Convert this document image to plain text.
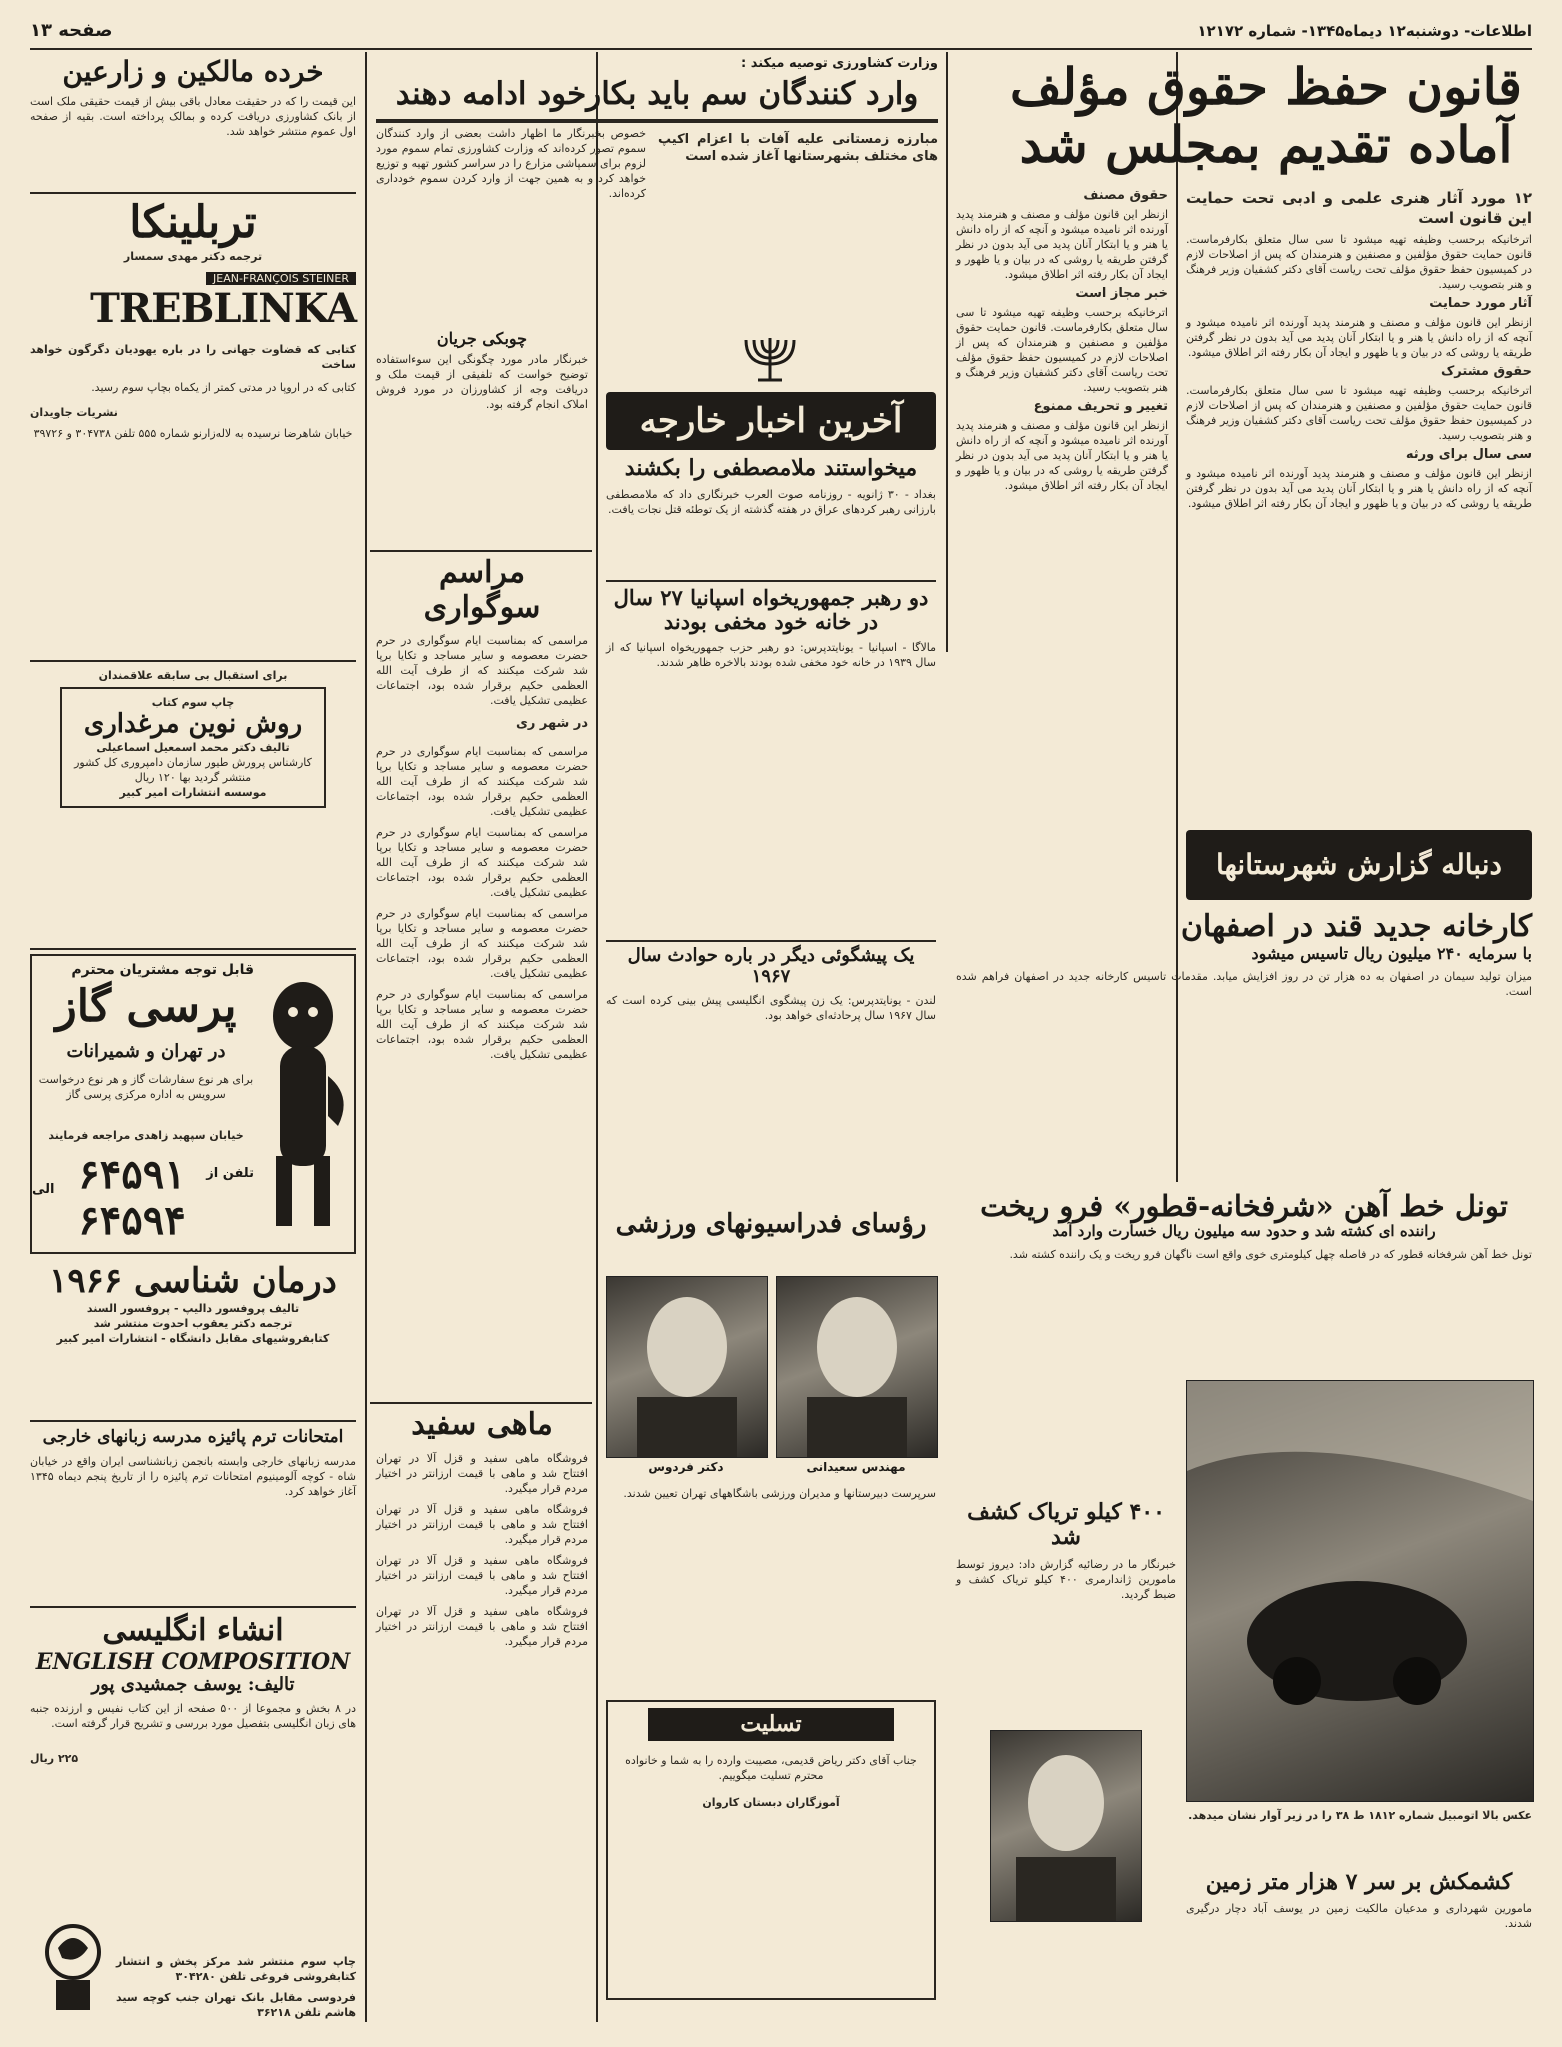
اطلاعات- دوشنبه۱۲ دیماه۱۳۴۵- شماره ۱۲۱۷۲
صفحه ۱۳
قانون حفظ حقوق مؤلف آماده تقدیم بمجلس شد

۱۲ مورد آثار هنری علمی و ادبی تحت حمایت این قانون است

اترخانیکه برحسب وظیفه تهیه میشود تا سی سال متعلق بکارفرماست. قانون حمایت حقوق مؤلفین و مصنفین و هنرمندان که پس از اصلاحات لازم در کمیسیون حفظ حقوق مؤلف تحت ریاست آقای دکتر کشفیان وزیر فرهنگ و هنر بتصویب رسید.

آثار مورد حمایت

ازنظر این قانون مؤلف و مصنف و هنرمند پدید آورنده اثر نامیده میشود و آنچه که از راه دانش یا هنر و یا ابتکار آنان پدید می آید بدون در نظر گرفتن طریقه یا روشی که در بیان و یا ظهور و ایجاد آن بکار رفته اثر اطلاق میشود.

حقوق مشترک

اترخانیکه برحسب وظیفه تهیه میشود تا سی سال متعلق بکارفرماست. قانون حمایت حقوق مؤلفین و مصنفین و هنرمندان که پس از اصلاحات لازم در کمیسیون حفظ حقوق مؤلف تحت ریاست آقای دکتر کشفیان وزیر فرهنگ و هنر بتصویب رسید.

سی سال برای ورثه

ازنظر این قانون مؤلف و مصنف و هنرمند پدید آورنده اثر نامیده میشود و آنچه که از راه دانش یا هنر و یا ابتکار آنان پدید می آید بدون در نظر گرفتن طریقه یا روشی که در بیان و یا ظهور و ایجاد آن بکار رفته اثر اطلاق میشود.

حقوق مصنف

ازنظر این قانون مؤلف و مصنف و هنرمند پدید آورنده اثر نامیده میشود و آنچه که از راه دانش یا هنر و یا ابتکار آنان پدید می آید بدون در نظر گرفتن طریقه یا روشی که در بیان و یا ظهور و ایجاد آن بکار رفته اثر اطلاق میشود.

خبر مجاز است

اترخانیکه برحسب وظیفه تهیه میشود تا سی سال متعلق بکارفرماست. قانون حمایت حقوق مؤلفین و مصنفین و هنرمندان که پس از اصلاحات لازم در کمیسیون حفظ حقوق مؤلف تحت ریاست آقای دکتر کشفیان وزیر فرهنگ و هنر بتصویب رسید.

تغییر و تحریف ممنوع

ازنظر این قانون مؤلف و مصنف و هنرمند پدید آورنده اثر نامیده میشود و آنچه که از راه دانش یا هنر و یا ابتکار آنان پدید می آید بدون در نظر گرفتن طریقه یا روشی که در بیان و یا ظهور و ایجاد آن بکار رفته اثر اطلاق میشود.

وزارت کشاورزی توصیه میکند :
وارد کنندگان سم باید بکارخود ادامه دهند
مبارزه زمستانی علیه آفات با اعزام اکیپ های مختلف بشهرستانها آغاز شده است
خصوص بخبرنگار ما اظهار داشت بعضی از وارد کنندگان سموم تصور کرده‌اند که وزارت کشاورزی تمام سموم مورد لزوم برای سمپاشی مزارع را در سراسر کشور تهیه و توزیع خواهد کرد و به همین جهت از وارد کردن سموم خودداری کرده‌اند.
آخرین اخبار خارجه
میخواستند ملامصطفی را بکشند
بغداد - ۳۰ ژانویه - روزنامه صوت العرب خبرنگاری داد که ملامصطفی بارزانی رهبر کردهای عراق در هفته گذشته از یک توطئه قتل نجات یافت.
دو رهبر جمهوریخواه اسپانیا ۲۷ سال در خانه خود مخفی بودند
مالاگا - اسپانیا - یونایتدپرس: دو رهبر حزب جمهوریخواه اسپانیا که از سال ۱۹۳۹ در خانه خود مخفی شده بودند بالاخره ظاهر شدند.
یک پیشگوئی دیگر در باره حوادث سال ۱۹۶۷
لندن - یونایتدپرس: یک زن پیشگوی انگلیسی پیش بینی کرده است که سال ۱۹۶۷ سال پرحادثه‌ای خواهد بود.
خرده مالکین و زارعین
این قیمت را که در حقیقت معادل باقی بیش از قیمت حقیقی ملک است از بانک کشاورزی دریافت کرده و بمالک پرداخته است. بقیه از صفحه اول عموم منتشر خواهد شد.
تربلینکا
ترجمه دکتر مهدی سمسار
JEAN-FRANÇOIS STEINER
TREBLINKA
کتابی که قضاوت جهانی را در باره یهودیان دگرگون خواهد ساخت
کتابی که در اروپا در مدتی کمتر از یکماه بچاپ سوم رسید.
نشریات جاویدان
خیابان شاهرضا نرسیده به لاله‌زارنو شماره ۵۵۵ تلفن ۳۰۴۷۳۸ و ۳۹۷۲۶
برای استقبال بی سابقه علاقمندان
چاپ سوم کتاب
روش نوین مرغداری
تالیف دکتر محمد اسمعیل اسماعیلی
کارشناس پرورش طیور سازمان دامپروری کل کشور منتشر گردید بها ۱۲۰ ریال
موسسه انتشارات امیر کبیر
قابل توجه مشتریان محترم
پرسی گاز
در تهران و شمیرانات
برای هر نوع سفارشات گاز و هر نوع درخواست سرویس به اداره مرکزی پرسی گاز
خیابان سپهبد زاهدی مراجعه فرمایند
تلفن از
۶۴۵۹۱
الی
۶۴۵۹۴
درمان شناسی ۱۹۶۶
تالیف پروفسور دالیپ - پروفسور السند
ترجمه دکتر یعقوب احدوت منتشر شد
کتابفروشیهای مقابل دانشگاه - انتشارات امیر کبیر
امتحانات ترم پائیزه مدرسه زبانهای خارجی
مدرسه زبانهای خارجی وابسته بانجمن زبانشناسی ایران واقع در خیابان شاه - کوچه آلومینیوم امتحانات ترم پائیزه را از تاریخ پنجم دیماه ۱۳۴۵ آغاز خواهد کرد.
انشاء انگلیسی
ENGLISH COMPOSITION
تالیف: یوسف جمشیدی پور
در ۸ بخش و مجموعا از ۵۰۰ صفحه از این کتاب نفیس و ارزنده جنبه های زبان انگلیسی بتفصیل مورد بررسی و تشریح قرار گرفته است.
۲۲۵ ریال
چاپ سوم منتشر شد مرکز پخش و انتشار کتابفروشی فروغی تلفن ۳۰۴۲۸۰
فردوسی مقابل بانک تهران جنب کوچه سید هاشم تلفن ۳۶۲۱۸
چوبکی جریان
خبرنگار مادر مورد چگونگی این سوءاستفاده توضیح خواست که تلفیقی از قیمت ملک و دریافت وجه از کشاورزان در مورد فروش املاک انجام گرفته بود.
مراسم سوگواری
مراسمی که بمناسبت ایام سوگواری در حرم حضرت معصومه و سایر مساجد و تکایا برپا شد شرکت میکنند که از طرف آیت الله العظمی حکیم برقرار شده بود، اجتماعات عظیمی تشکیل یافت.

در شهر ری

مراسمی که بمناسبت ایام سوگواری در حرم حضرت معصومه و سایر مساجد و تکایا برپا شد شرکت میکنند که از طرف آیت الله العظمی حکیم برقرار شده بود، اجتماعات عظیمی تشکیل یافت.
مراسمی که بمناسبت ایام سوگواری در حرم حضرت معصومه و سایر مساجد و تکایا برپا شد شرکت میکنند که از طرف آیت الله العظمی حکیم برقرار شده بود، اجتماعات عظیمی تشکیل یافت.
مراسمی که بمناسبت ایام سوگواری در حرم حضرت معصومه و سایر مساجد و تکایا برپا شد شرکت میکنند که از طرف آیت الله العظمی حکیم برقرار شده بود، اجتماعات عظیمی تشکیل یافت.
مراسمی که بمناسبت ایام سوگواری در حرم حضرت معصومه و سایر مساجد و تکایا برپا شد شرکت میکنند که از طرف آیت الله العظمی حکیم برقرار شده بود، اجتماعات عظیمی تشکیل یافت.
ماهی سفید
فروشگاه ماهی سفید و قزل آلا در تهران افتتاح شد و ماهی با قیمت ارزانتر در اختیار مردم قرار میگیرد.
فروشگاه ماهی سفید و قزل آلا در تهران افتتاح شد و ماهی با قیمت ارزانتر در اختیار مردم قرار میگیرد.
فروشگاه ماهی سفید و قزل آلا در تهران افتتاح شد و ماهی با قیمت ارزانتر در اختیار مردم قرار میگیرد.
فروشگاه ماهی سفید و قزل آلا در تهران افتتاح شد و ماهی با قیمت ارزانتر در اختیار مردم قرار میگیرد.
دنباله گزارش شهرستانها
کارخانه جدید قند در اصفهان
با سرمایه ۲۴۰ میلیون ریال تاسیس میشود
میزان تولید سیمان در اصفهان به ده هزار تن در روز افزایش میابد. مقدمات تاسیس کارخانه جدید در اصفهان فراهم شده است.
تونل خط آهن «شرفخانه-قطور» فرو ریخت
راننده ای کشته شد و حدود سه میلیون ریال خسارت وارد آمد
تونل خط آهن شرفخانه قطور که در فاصله چهل کیلومتری خوی واقع است ناگهان فرو ریخت و یک راننده کشته شد.
عکس بالا اتومبیل شماره ۱۸۱۲ ط ۳۸ را در زیر آوار نشان میدهد.
رؤسای فدراسیونهای ورزشی
مهندس سعیدانی
دکتر فردوس
سرپرست دبیرستانها و مدیران ورزشی باشگاههای تهران تعیین شدند.
۴۰۰ کیلو تریاک کشف شد
خبرنگار ما در رضائیه گزارش داد: دیروز توسط مامورین ژاندارمری ۴۰۰ کیلو تریاک کشف و ضبط گردید.
تسلیت
جناب آقای دکتر ریاض قدیمی، مصیبت وارده را به شما و خانواده محترم تسلیت میگوییم.
آموزگاران دبستان کاروان
کشمکش بر سر ۷ هزار متر زمین
مامورین شهرداری و مدعیان مالکیت زمین در یوسف آباد دچار درگیری شدند.
